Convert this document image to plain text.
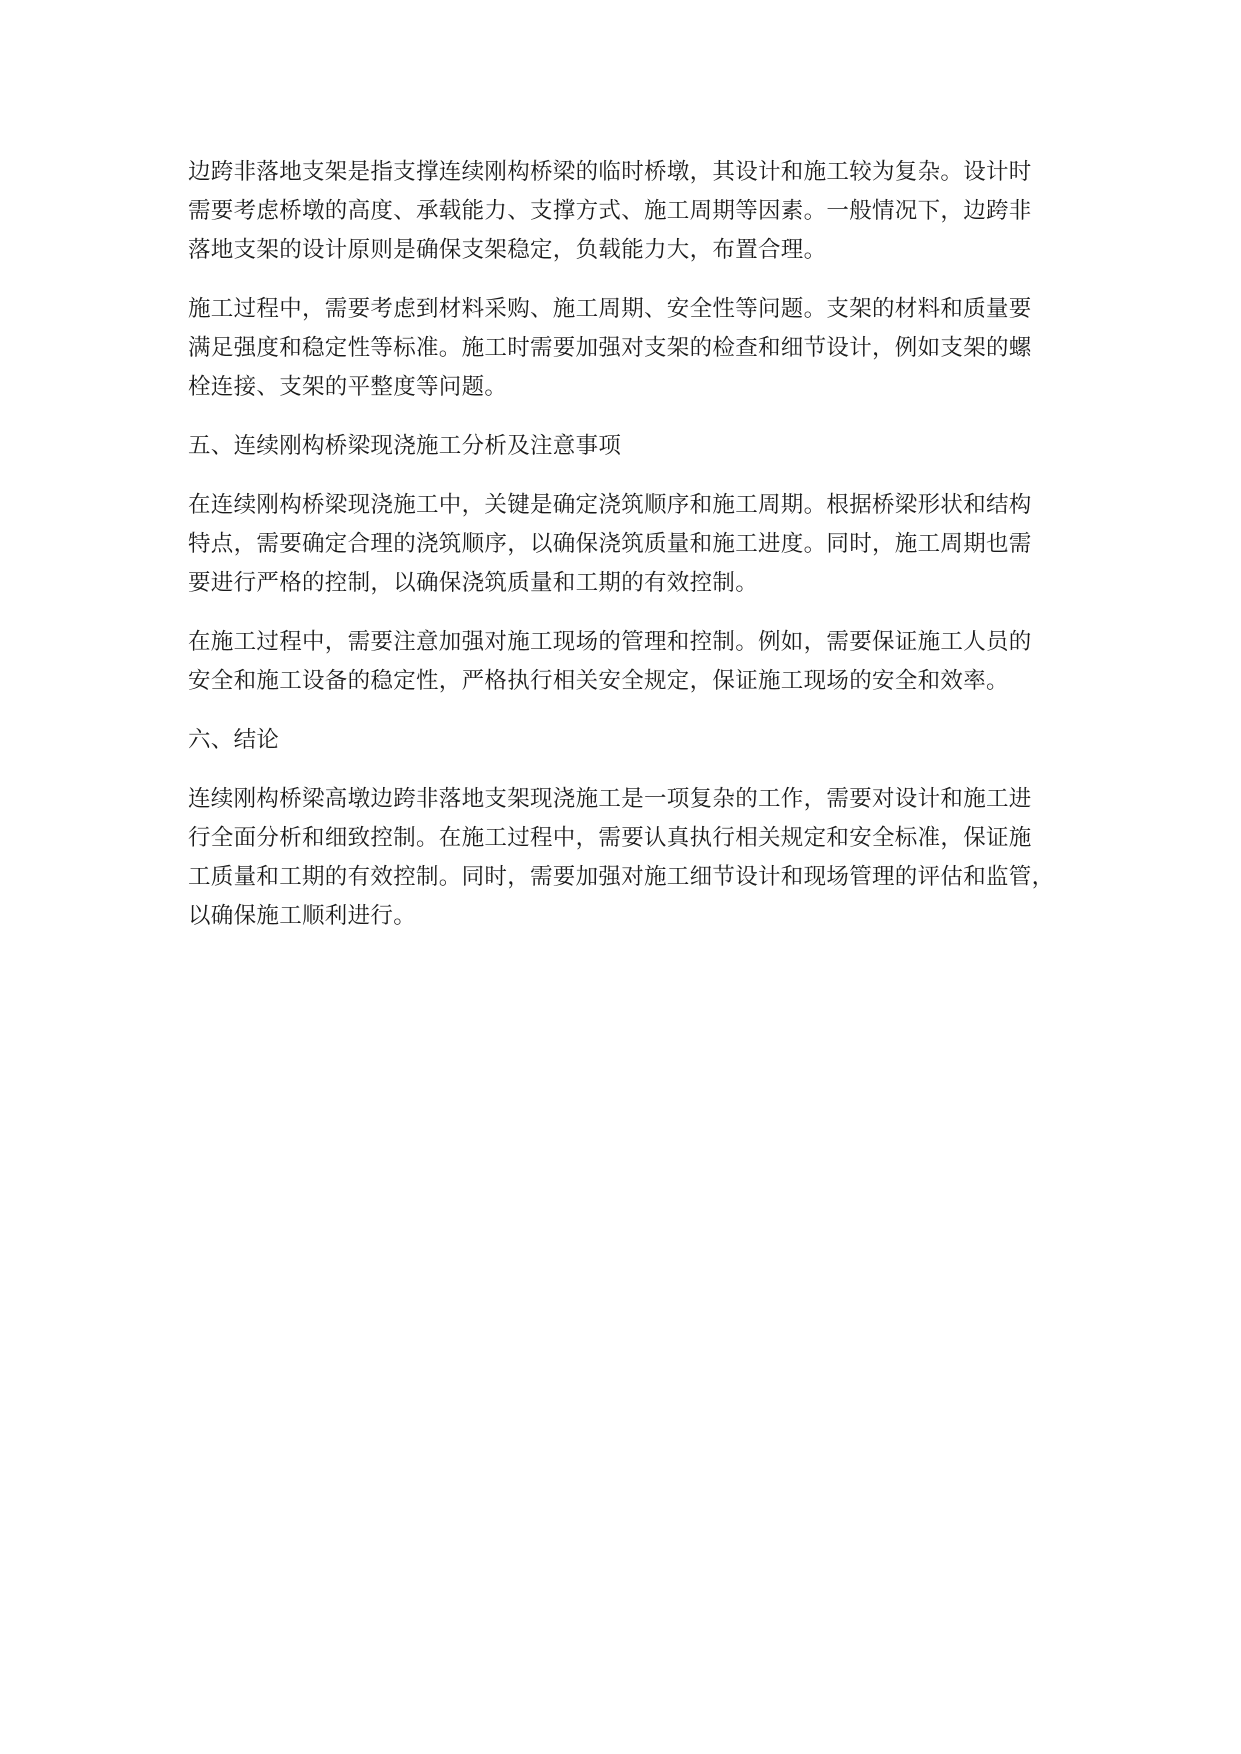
边跨非落地支架是指支撑连续刚构桥梁的临时桥墩，其设计和施工较为复杂。设计时
需要考虑桥墩的高度、承载能力、支撑方式、施工周期等因素。一般情况下，边跨非
落地支架的设计原则是确保支架稳定，负载能力大，布置合理。

施工过程中，需要考虑到材料采购、施工周期、安全性等问题。支架的材料和质量要
满足强度和稳定性等标准。施工时需要加强对支架的检查和细节设计，例如支架的螺
栓连接、支架的平整度等问题。

五、连续刚构桥梁现浇施工分析及注意事项

在连续刚构桥梁现浇施工中，关键是确定浇筑顺序和施工周期。根据桥梁形状和结构
特点，需要确定合理的浇筑顺序，以确保浇筑质量和施工进度。同时，施工周期也需
要进行严格的控制，以确保浇筑质量和工期的有效控制。

在施工过程中，需要注意加强对施工现场的管理和控制。例如，需要保证施工人员的
安全和施工设备的稳定性，严格执行相关安全规定，保证施工现场的安全和效率。

六、结论

连续刚构桥梁高墩边跨非落地支架现浇施工是一项复杂的工作，需要对设计和施工进
行全面分析和细致控制。在施工过程中，需要认真执行相关规定和安全标准，保证施
工质量和工期的有效控制。同时，需要加强对施工细节设计和现场管理的评估和监管，
以确保施工顺利进行。
